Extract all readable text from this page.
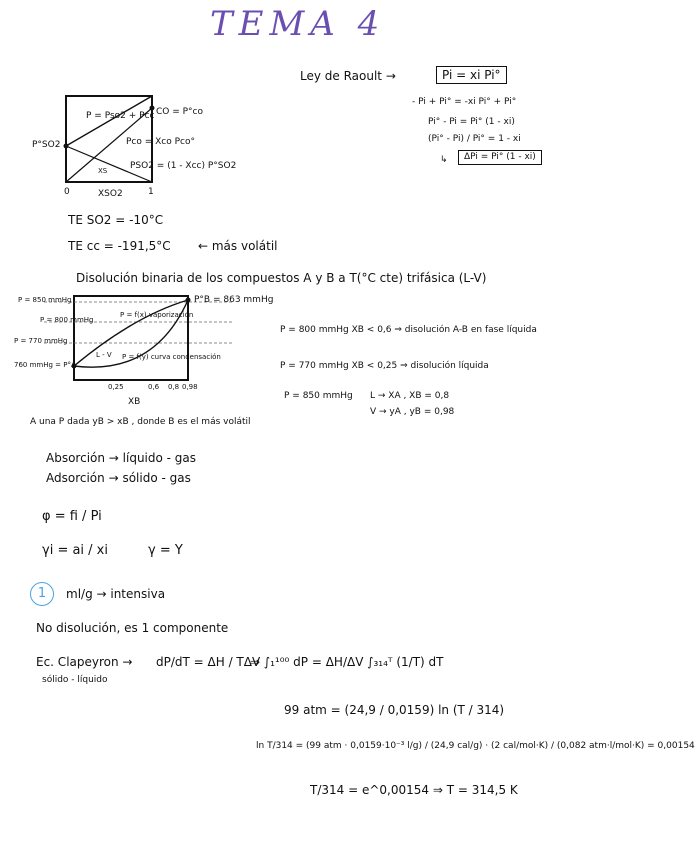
TEMA 4
Ley de Raoult →	Pi = xi Pi°
- Pi + Pi° = -xi Pi° + Pi°
Pi° - Pi = Pi° (1 - xi)
(Pi° - Pi) / Pi° = 1 - xi
↳	ΔPi = Pi° (1 - xi)
P = Pso2 + Pcc CO = P°co
Pco = Xco Pco°
PSO2 = (1 - Xcc) P°SO2
P°SO2
XS
0	XSO2	1
TE SO2 = -10°C
TE cc = -191,5°C ← más volátil
Disolución binaria de los compuestos A y B a T(°C cte) trifásica (L-V)
P = 850 mmHg
P = 800 mmHg
P = 770 mmHg
760 mmHg = P°A
P°B = 863 mmHg
P = f(x) vaporización
L - V P = f(y) curva condensación
0,25	0,6 0,8 0,98
XB
P = 800 mmHg XB < 0,6 ⇒ disolución A-B en fase líquida
P = 770 mmHg XB < 0,25 ⇒ disolución líquida
P = 850 mmHg L → XA , XB = 0,8
V → yA , yB = 0,98
A una P dada yB > xB , donde B es el más volátil
Absorción → líquido - gas
Adsorción → sólido - gas
φ = fi / Pi
γi = ai / xi	γ = Y
1	ml/g → intensiva
No disolución, es 1 componente
Ec. Clapeyron →
sólido - líquido
dP/dT = ΔH / TΔV
⇒ ∫₁¹⁰⁰ dP = ΔH/ΔV ∫₃₁₄ᵀ (1/T) dT
99 atm = (24,9 / 0,0159) ln (T / 314)
ln T/314 = (99 atm · 0,0159·10⁻³ l/g) / (24,9 cal/g) · (2 cal/mol·K) / (0,082 atm·l/mol·K) = 0,00154
T/314 = e^0,00154 ⇒ T = 314,5 K
